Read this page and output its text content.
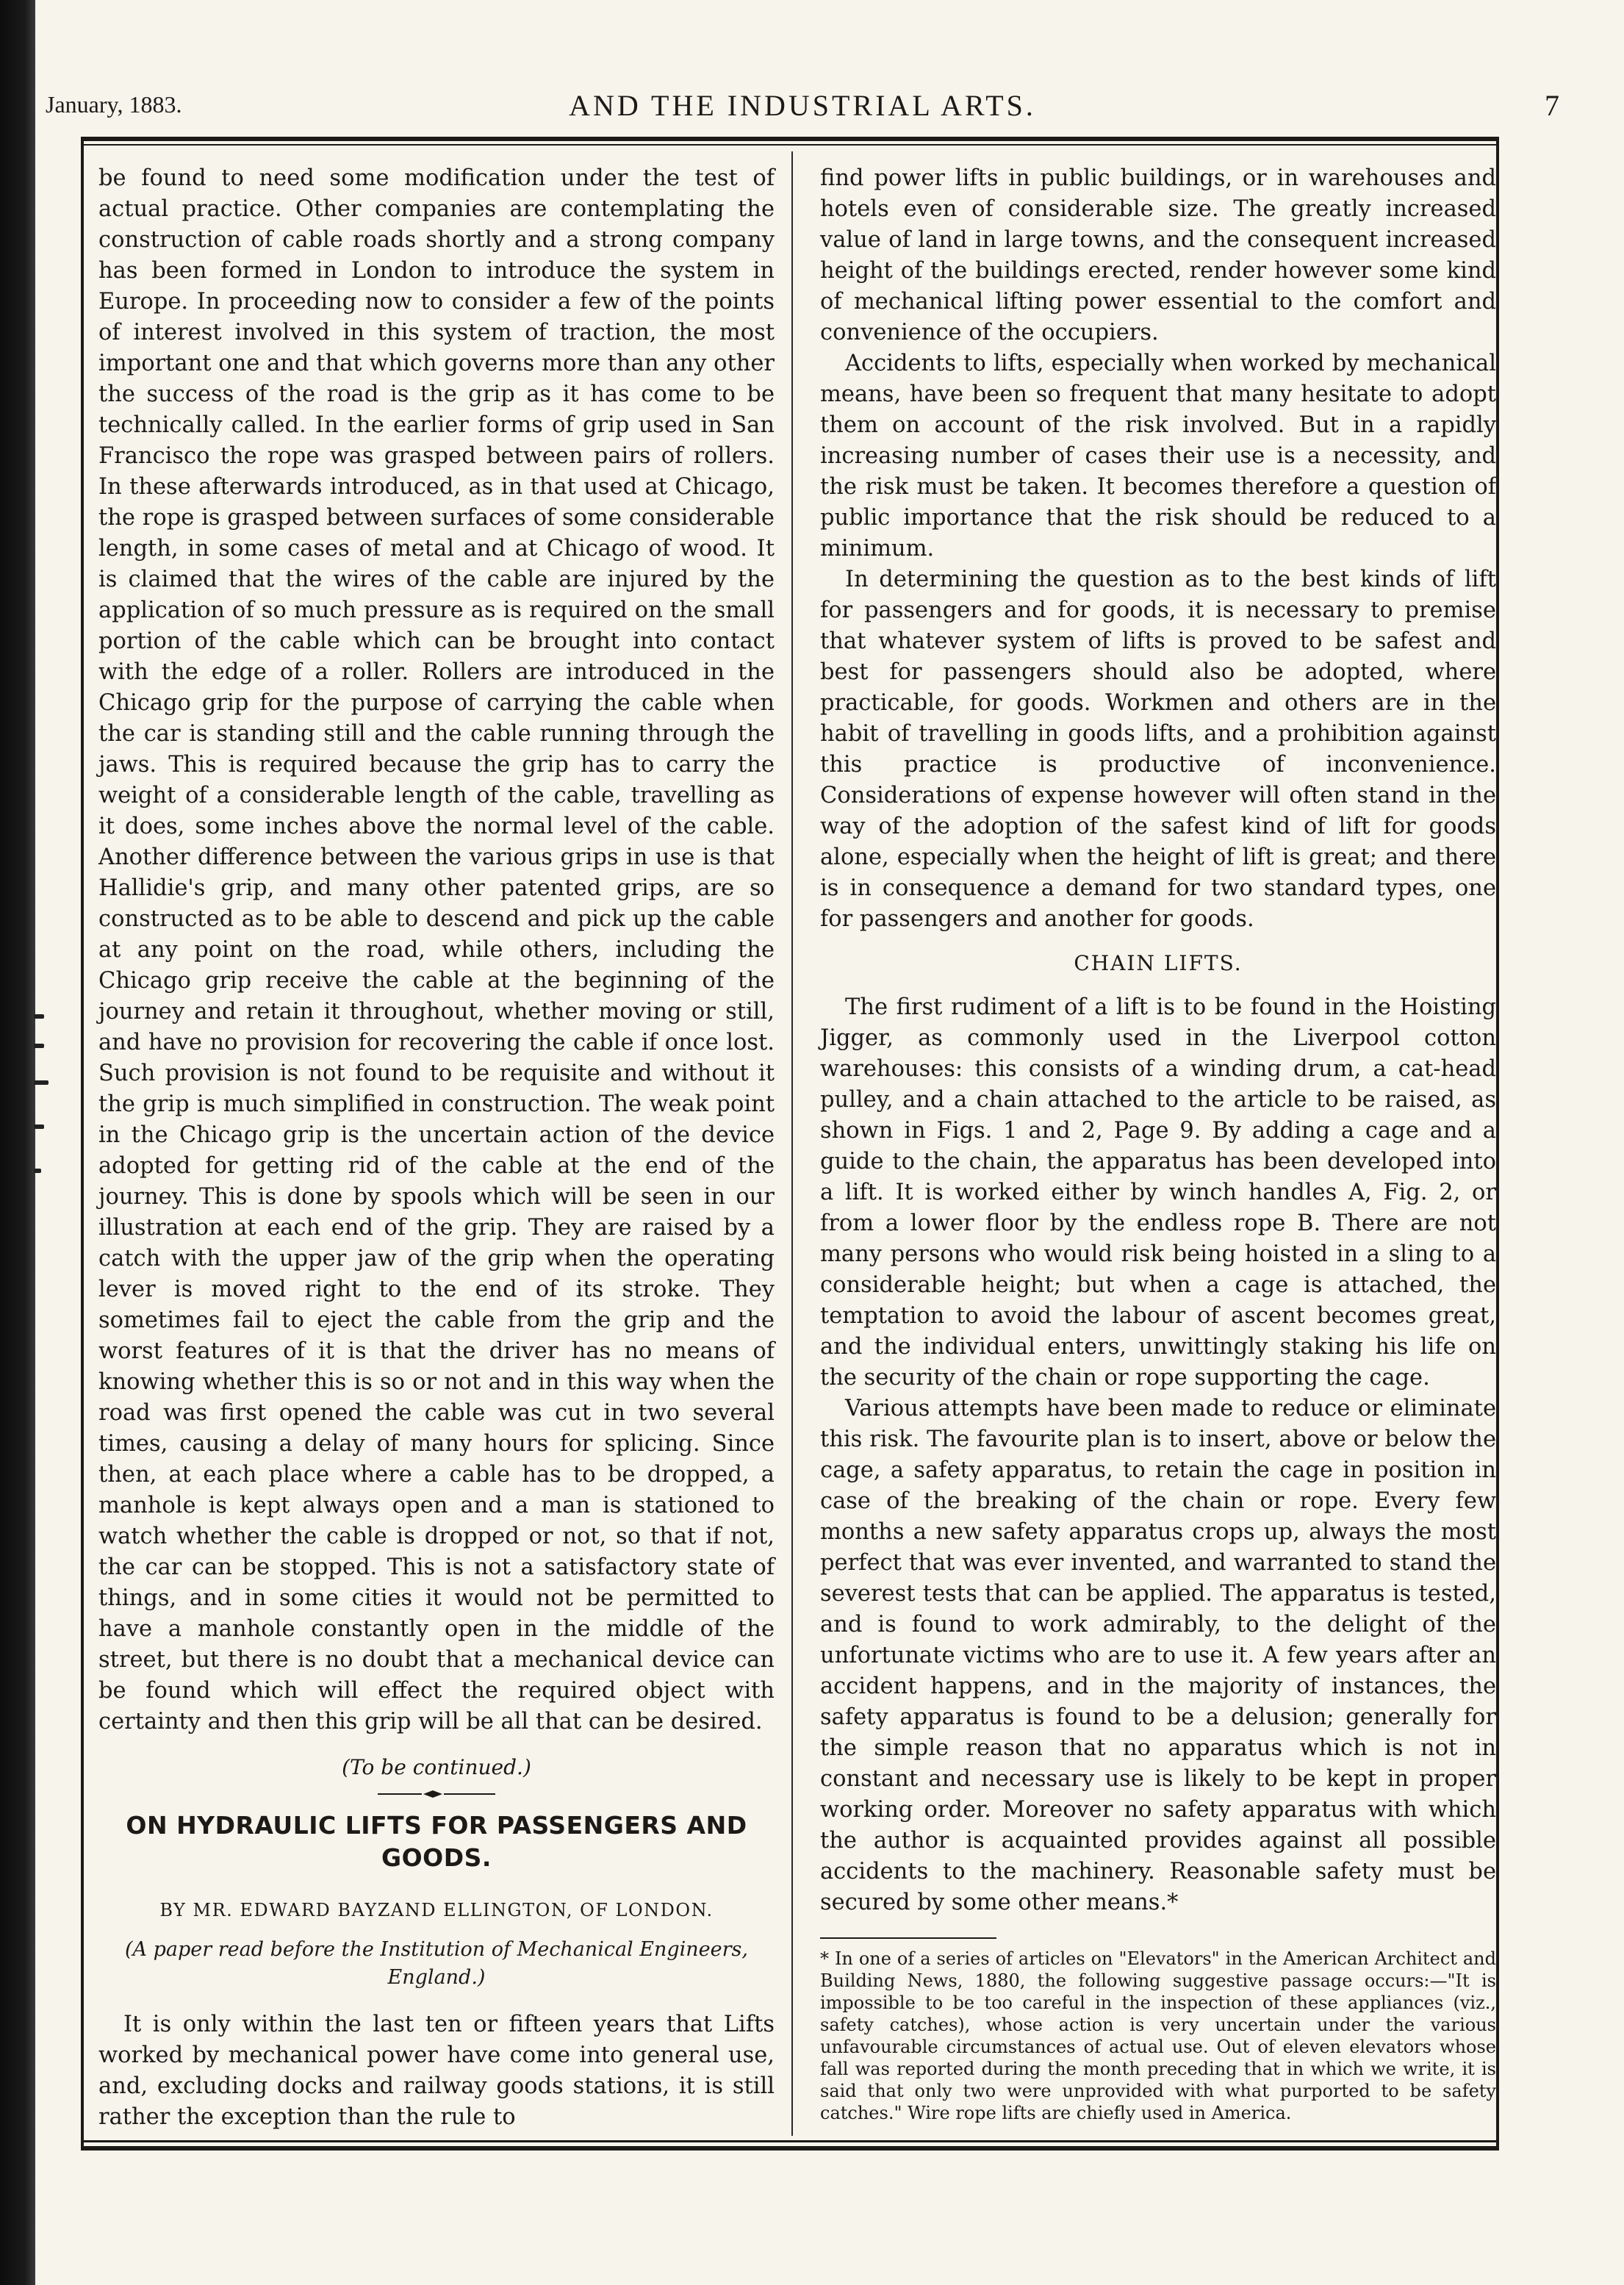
January, 1883.	AND THE INDUSTRIAL ARTS.	7

be found to need some modification under the test of actual practice. Other companies are contemplating the construction of cable roads shortly and a strong company has been formed in London to introduce the system in Europe. In proceeding now to consider a few of the points of interest involved in this system of traction, the most important one and that which governs more than any other the success of the road is the grip as it has come to be technically called. In the earlier forms of grip used in San Francisco the rope was grasped between pairs of rollers. In these afterwards introduced, as in that used at Chicago, the rope is grasped between surfaces of some considerable length, in some cases of metal and at Chicago of wood. It is claimed that the wires of the cable are injured by the application of so much pressure as is required on the small portion of the cable which can be brought into contact with the edge of a roller. Rollers are introduced in the Chicago grip for the purpose of carrying the cable when the car is standing still and the cable running through the jaws. This is required because the grip has to carry the weight of a considerable length of the cable, travelling as it does, some inches above the normal level of the cable. Another difference between the various grips in use is that Hallidie's grip, and many other patented grips, are so constructed as to be able to descend and pick up the cable at any point on the road, while others, including the Chicago grip receive the cable at the beginning of the journey and retain it throughout, whether moving or still, and have no provision for recovering the cable if once lost. Such provision is not found to be requisite and without it the grip is much simplified in construction. The weak point in the Chicago grip is the uncertain action of the device adopted for getting rid of the cable at the end of the journey. This is done by spools which will be seen in our illustration at each end of the grip. They are raised by a catch with the upper jaw of the grip when the operating lever is moved right to the end of its stroke. They sometimes fail to eject the cable from the grip and the worst features of it is that the driver has no means of knowing whether this is so or not and in this way when the road was first opened the cable was cut in two several times, causing a delay of many hours for splicing. Since then, at each place where a cable has to be dropped, a manhole is kept always open and a man is stationed to watch whether the cable is dropped or not, so that if not, the car can be stopped. This is not a satisfactory state of things, and in some cities it would not be permitted to have a manhole constantly open in the middle of the street, but there is no doubt that a mechanical device can be found which will effect the required object with certainty and then this grip will be all that can be desired.

(To be continued.)

ON HYDRAULIC LIFTS FOR PASSENGERS AND GOODS.
BY MR. EDWARD BAYZAND ELLINGTON, OF LONDON.
(A paper read before the Institution of Mechanical Engineers, England.)

It is only within the last ten or fifteen years that Lifts worked by mechanical power have come into general use, and, excluding docks and railway goods stations, it is still rather the exception than the rule to

find power lifts in public buildings, or in warehouses and hotels even of considerable size. The greatly increased value of land in large towns, and the consequent increased height of the buildings erected, render however some kind of mechanical lifting power essential to the comfort and convenience of the occupiers.

Accidents to lifts, especially when worked by mechanical means, have been so frequent that many hesitate to adopt them on account of the risk involved. But in a rapidly increasing number of cases their use is a necessity, and the risk must be taken. It becomes therefore a question of public importance that the risk should be reduced to a minimum.

In determining the question as to the best kinds of lift for passengers and for goods, it is necessary to premise that whatever system of lifts is proved to be safest and best for passengers should also be adopted, where practicable, for goods. Workmen and others are in the habit of travelling in goods lifts, and a prohibition against this practice is productive of inconvenience. Considerations of expense however will often stand in the way of the adoption of the safest kind of lift for goods alone, especially when the height of lift is great; and there is in consequence a demand for two standard types, one for passengers and another for goods.

CHAIN LIFTS.

The first rudiment of a lift is to be found in the Hoisting Jigger, as commonly used in the Liverpool cotton warehouses: this consists of a winding drum, a cat-head pulley, and a chain attached to the article to be raised, as shown in Figs. 1 and 2, Page 9. By adding a cage and a guide to the chain, the apparatus has been developed into a lift. It is worked either by winch handles A, Fig. 2, or from a lower floor by the endless rope B. There are not many persons who would risk being hoisted in a sling to a considerable height; but when a cage is attached, the temptation to avoid the labour of ascent becomes great, and the individual enters, unwittingly staking his life on the security of the chain or rope supporting the cage.

Various attempts have been made to reduce or eliminate this risk. The favourite plan is to insert, above or below the cage, a safety apparatus, to retain the cage in position in case of the breaking of the chain or rope. Every few months a new safety apparatus crops up, always the most perfect that was ever invented, and warranted to stand the severest tests that can be applied. The apparatus is tested, and is found to work admirably, to the delight of the unfortunate victims who are to use it. A few years after an accident happens, and in the majority of instances, the safety apparatus is found to be a delusion; generally for the simple reason that no apparatus which is not in constant and necessary use is likely to be kept in proper working order. Moreover no safety apparatus with which the author is acquainted provides against all possible accidents to the machinery. Reasonable safety must be secured by some other means.*

* In one of a series of articles on "Elevators" in the American Architect and Building News, 1880, the following suggestive passage occurs:—"It is impossible to be too careful in the inspection of these appliances (viz., safety catches), whose action is very uncertain under the various unfavourable circumstances of actual use. Out of eleven elevators whose fall was reported during the month preceding that in which we write, it is said that only two were unprovided with what purported to be safety catches." Wire rope lifts are chiefly used in America.
